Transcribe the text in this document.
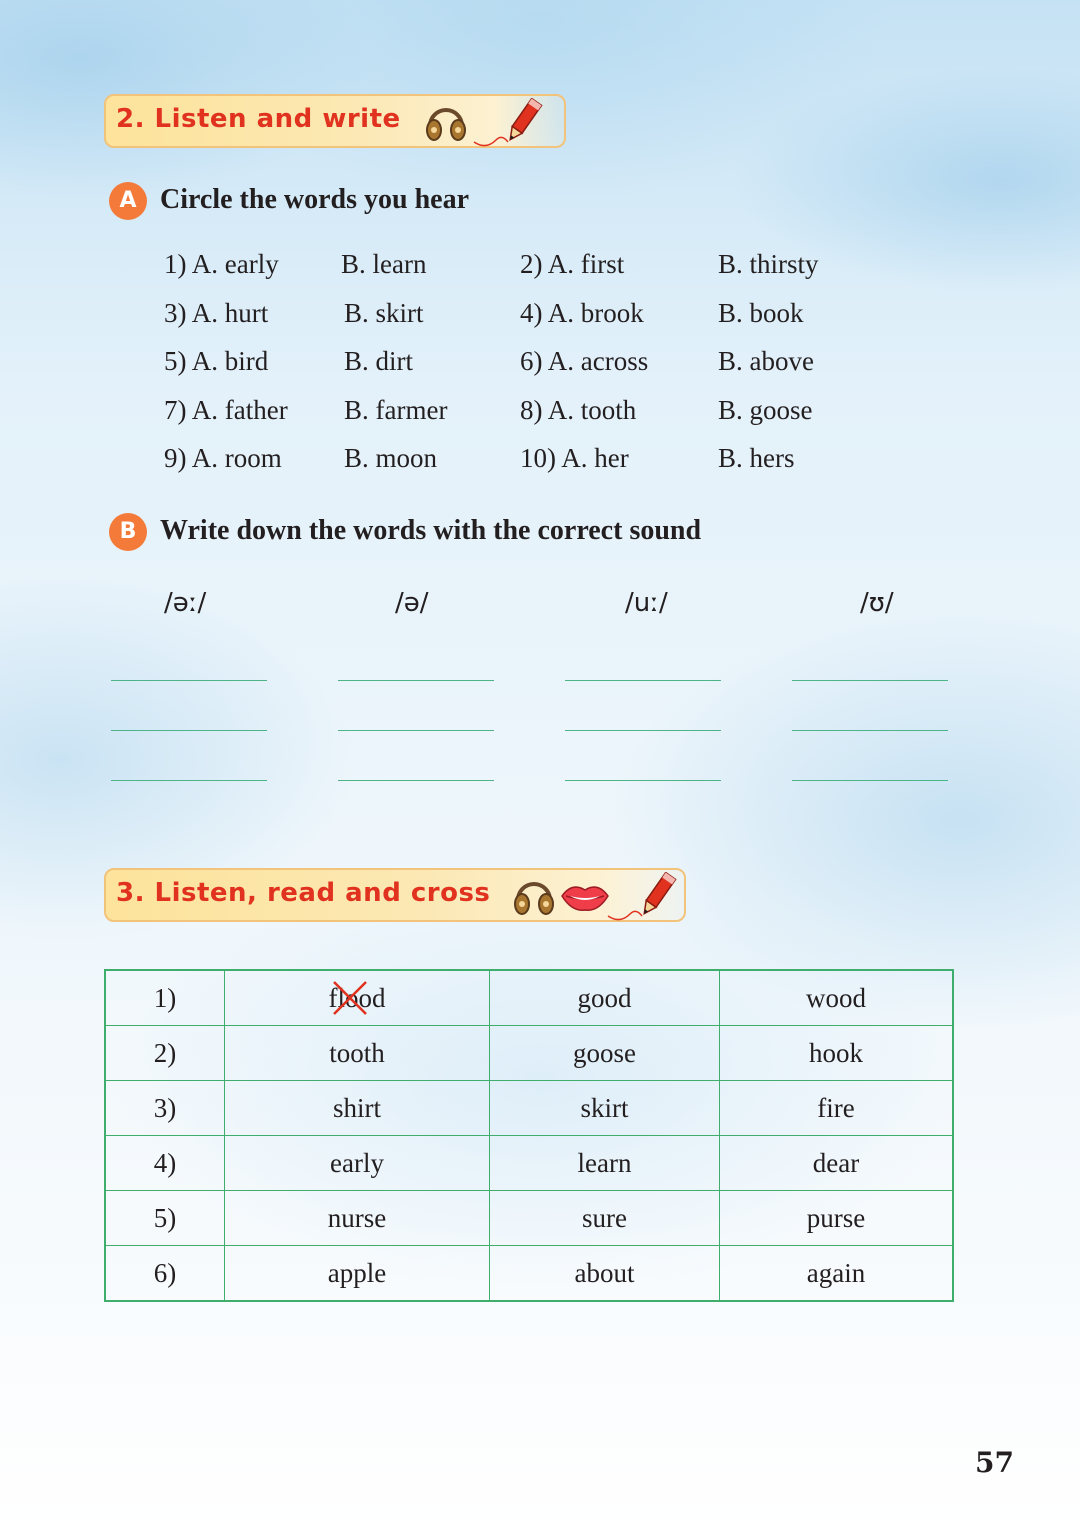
2. Listen and write
A Circle the words you hear
1) A. early B. learn	2) A. first	B. thirsty
3) A. hurt	B. skirt	4) A. brook	B. book
5) A. bird	B. dirt	6) A. across	B. above
7) A. father B. farmer	8) A. tooth	B. goose
9) A. room B. moon	10) A. her	B. hers
B Write down the words with the correct sound
/əː/	/ə/	/uː/	/ʊ/
3. Listen, read and cross
1)	flood	good	wood
2)	tooth	goose	hook
3)	shirt	skirt	fire
4)	early	learn	dear
5)	nurse	sure	purse
6)	apple	about	again
57
